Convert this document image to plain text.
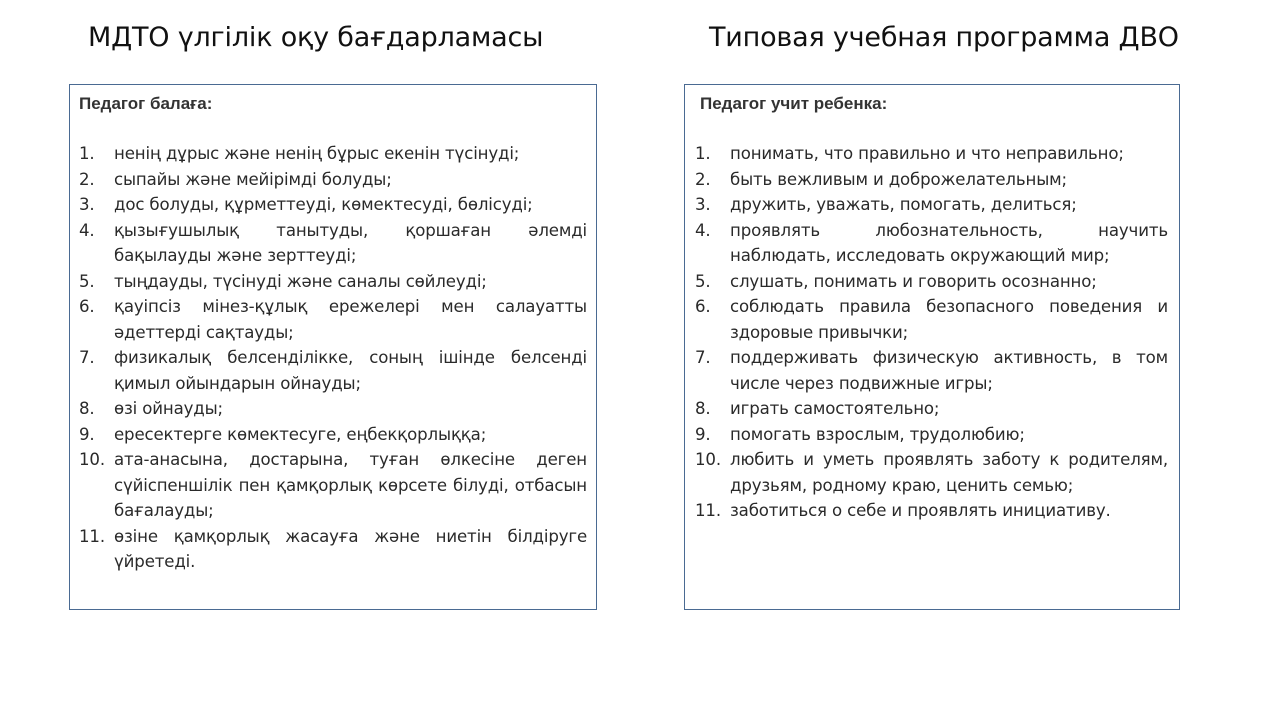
МДТО үлгілік оқу бағдарламасы	Типовая учебная программа ДВО
Педагог балаға:
1. ненің дұрыс және ненің бұрыс екенін түсінуді;
2. сыпайы және мейірімді болуды;
3. дос болуды, құрметтеуді, көмектесуді, бөлісуді;
4. қызығушылық танытуды, қоршаған әлемді бақылауды және зерттеуді;
5. тыңдауды, түсінуді және саналы сөйлеуді;
6. қауіпсіз мінез-құлық ережелері мен салауатты әдеттерді сақтауды;
7. физикалық белсенділікке, соның ішінде белсенді қимыл ойындарын ойнауды;
8. өзі ойнауды;
9. ересектерге көмектесуге, еңбекқорлыққа;
10. ата-анасына, достарына, туған өлкесіне деген сүйіспеншілік пен қамқорлық көрсете білуді, отбасын бағалауды;
11. өзіне қамқорлық жасауға және ниетін білдіруге үйретеді.
Педагог учит ребенка:
1. понимать, что правильно и что неправильно;
2. быть вежливым и доброжелательным;
3. дружить, уважать, помогать, делиться;
4. проявлять любознательность, научить наблюдать, исследовать окружающий мир;
5. слушать, понимать и говорить осознанно;
6. соблюдать правила безопасного поведения и здоровые привычки;
7. поддерживать физическую активность, в том числе через подвижные игры;
8. играть самостоятельно;
9. помогать взрослым, трудолюбию;
10. любить и уметь проявлять заботу к родителям, друзьям, родному краю, ценить семью;
11. заботиться о себе и проявлять инициативу.
